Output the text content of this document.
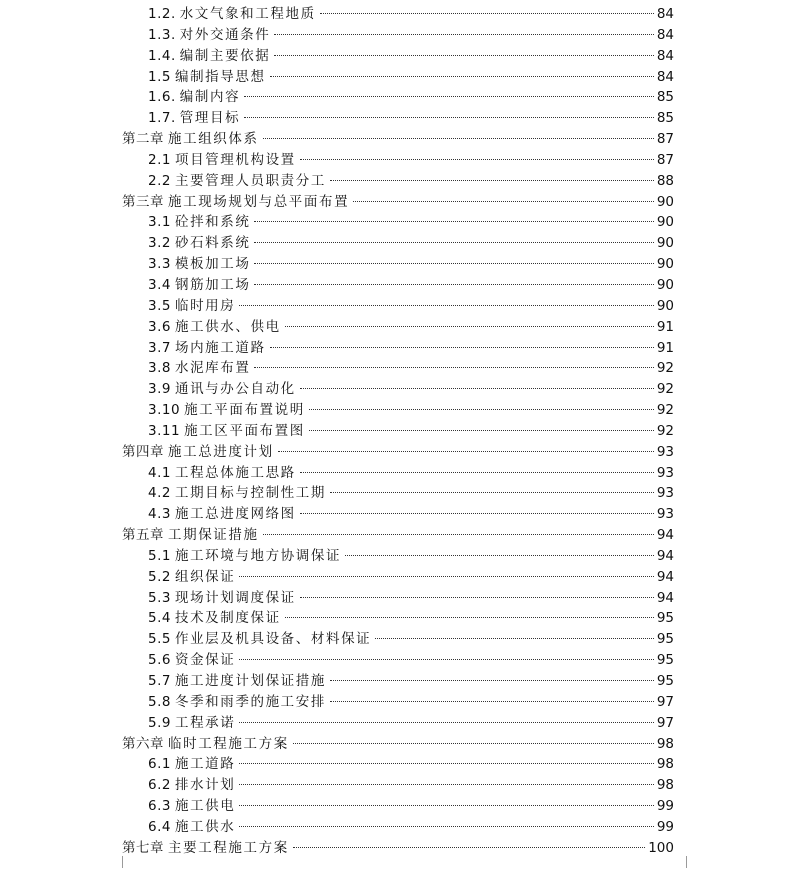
1.2. 水文气象和工程地质	84
1.3. 对外交通条件	84
1.4. 编制主要依据	84
1.5 编制指导思想	84
1.6. 编制内容	85
1.7. 管理目标	85
第二章 施工组织体系	87
2.1 项目管理机构设置	87
2.2 主要管理人员职责分工	88
第三章 施工现场规划与总平面布置	90
3.1 砼拌和系统	90
3.2 砂石料系统	90
3.3 模板加工场	90
3.4 钢筋加工场	90
3.5 临时用房	90
3.6 施工供水、供电	91
3.7 场内施工道路	91
3.8 水泥库布置	92
3.9 通讯与办公自动化	92
3.10 施工平面布置说明	92
3.11 施工区平面布置图	92
第四章 施工总进度计划	93
4.1 工程总体施工思路	93
4.2 工期目标与控制性工期	93
4.3 施工总进度网络图	93
第五章 工期保证措施	94
5.1 施工环境与地方协调保证	94
5.2 组织保证	94
5.3 现场计划调度保证	94
5.4 技术及制度保证	95
5.5 作业层及机具设备、材料保证	95
5.6 资金保证	95
5.7 施工进度计划保证措施	95
5.8 冬季和雨季的施工安排	97
5.9 工程承诺	97
第六章 临时工程施工方案	98
6.1 施工道路	98
6.2 排水计划	98
6.3 施工供电	99
6.4 施工供水	99
第七章 主要工程施工方案	100
